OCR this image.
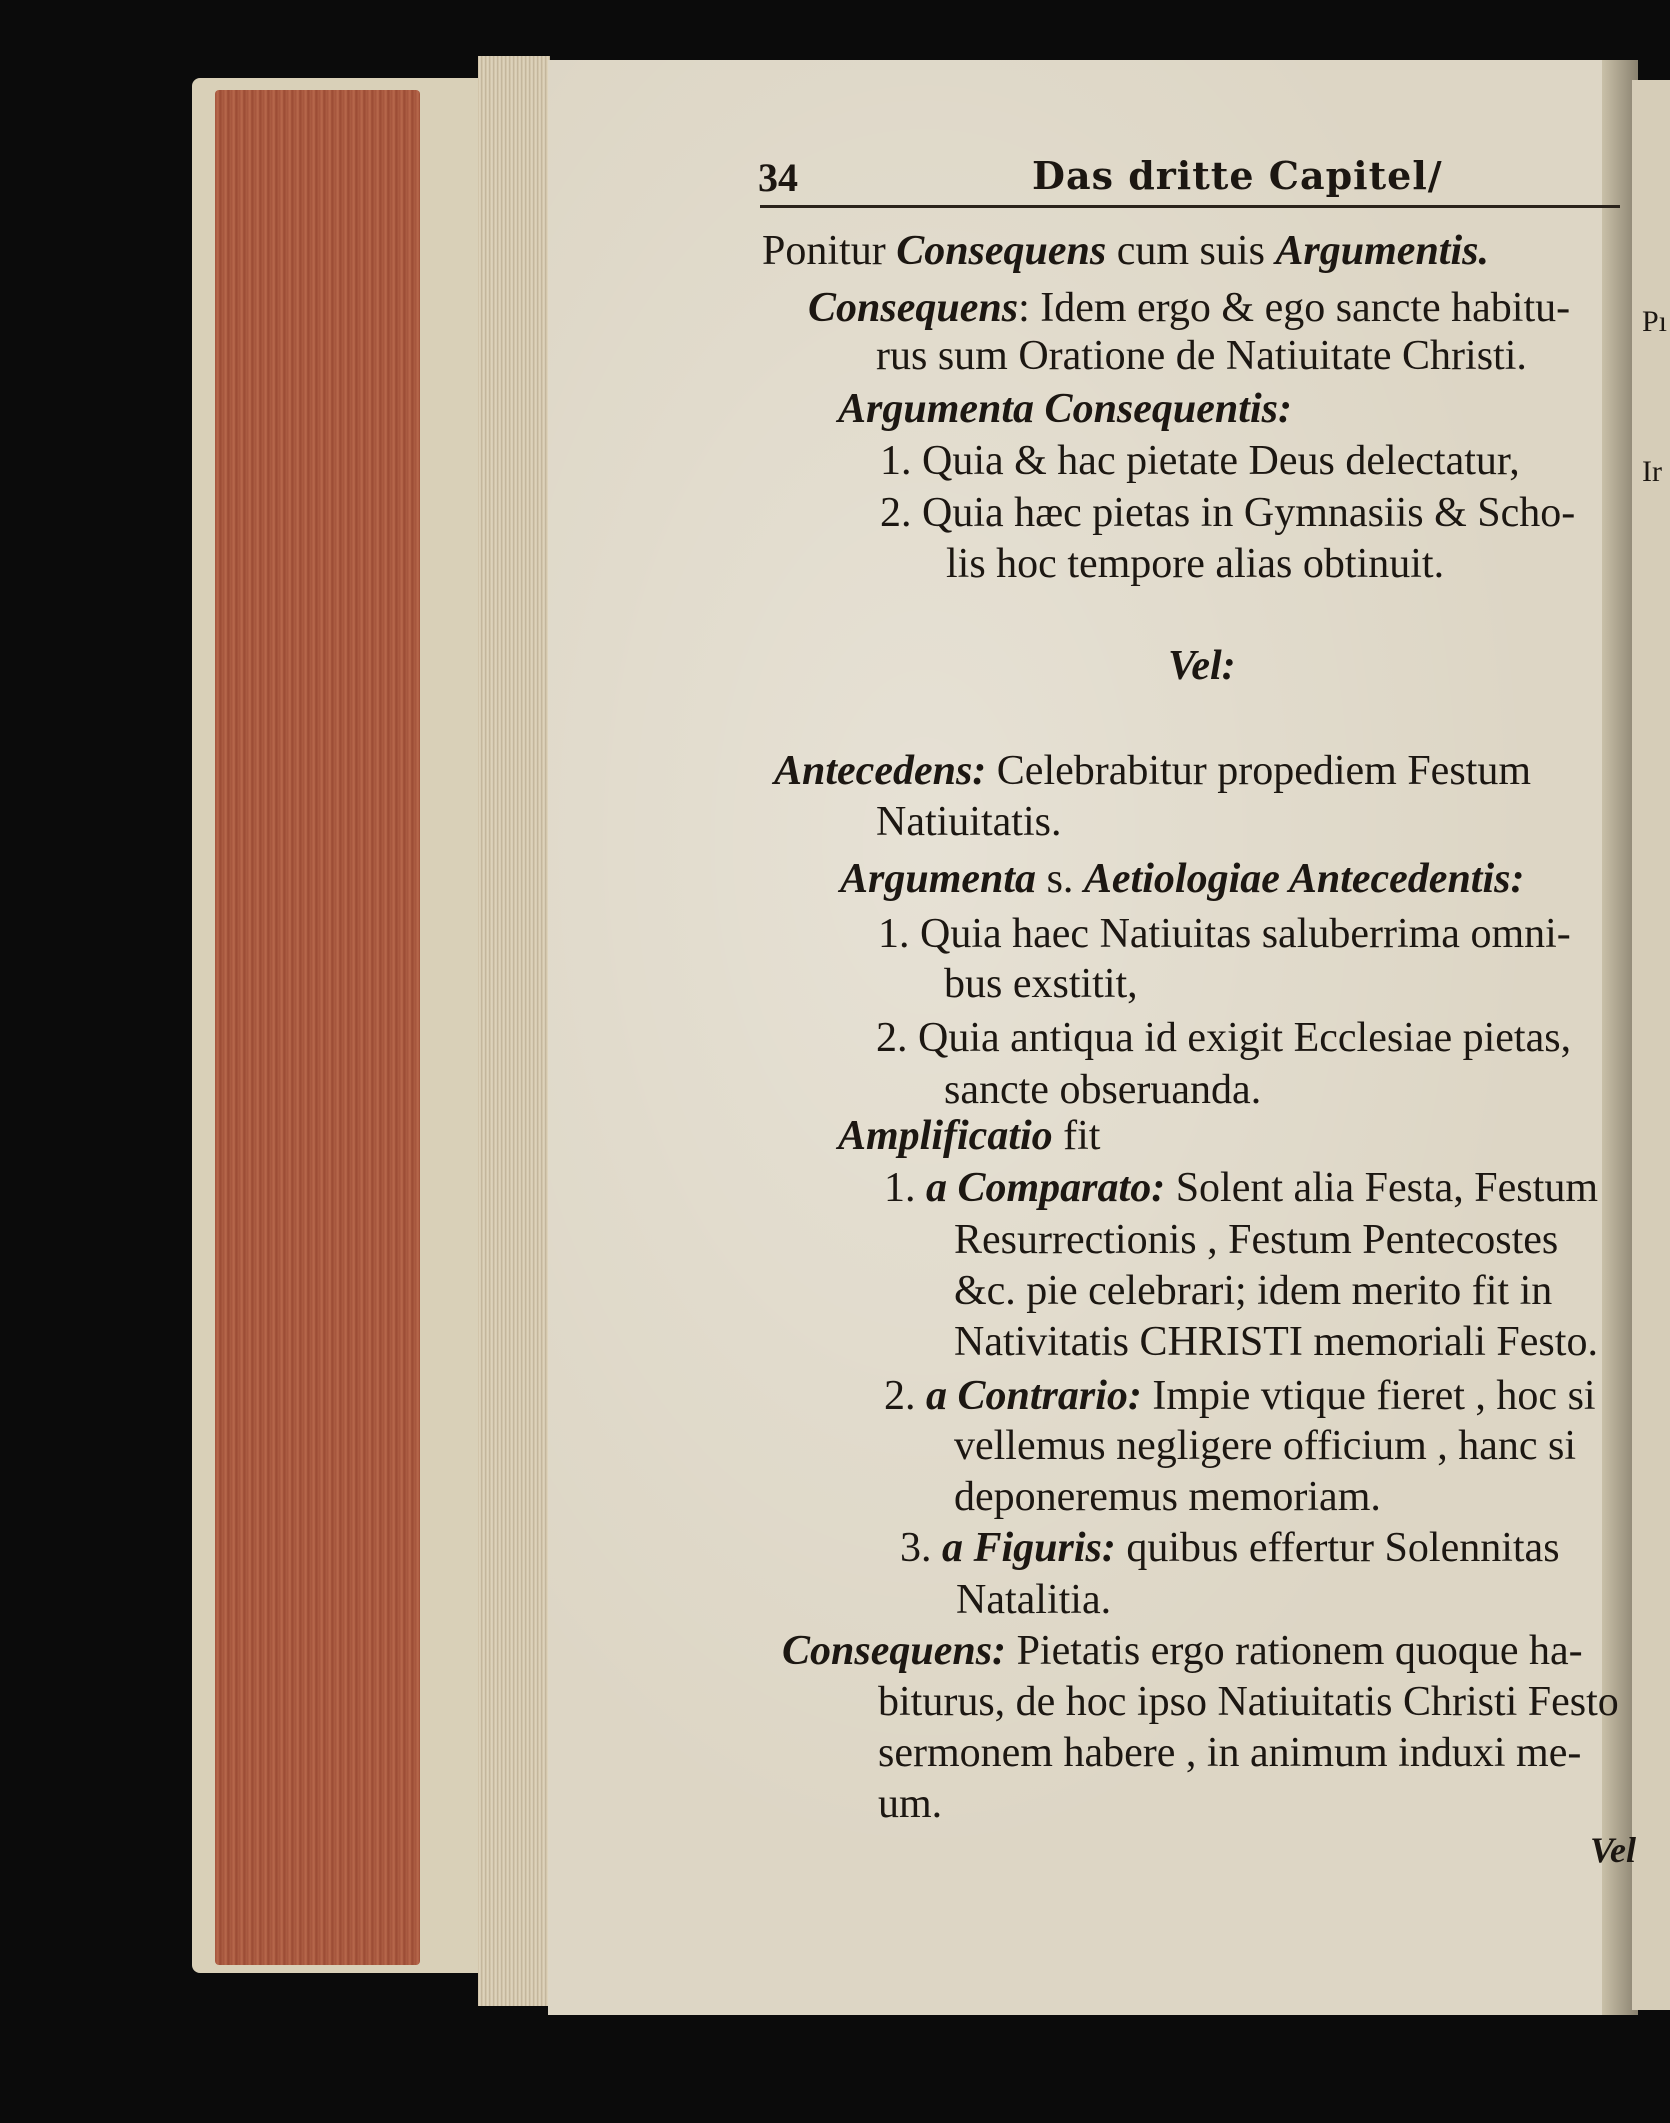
Pı
Ir
34	Das dritte Capitel/
Ponitur Consequens cum suis Argumentis.
Consequens: Idem ergo & ego sancte habitu-
rus sum Oratione de Natiuitate Christi.
Argumenta Consequentis:
1. Quia & hac pietate Deus delectatur,
2. Quia hæc pietas in Gymnasiis & Scho-
lis hoc tempore alias obtinuit.
Vel:
Antecedens: Celebrabitur propediem Festum
Natiuitatis.
Argumenta s. Aetiologiae Antecedentis:
1. Quia haec Natiuitas saluberrima omni-
bus exstitit,
2. Quia antiqua id exigit Ecclesiae pietas,
sancte obseruanda.
Amplificatio fit
1. a Comparato: Solent alia Festa, Festum
Resurrectionis , Festum Pentecostes
&c. pie celebrari; idem merito fit in
Nativitatis CHRISTI memoriali Festo.
2. a Contrario: Impie vtique fieret , hoc si
vellemus negligere officium , hanc si
deponeremus memoriam.
3. a Figuris: quibus effertur Solennitas
Natalitia.
Consequens: Pietatis ergo rationem quoque ha-
biturus, de hoc ipso Natiuitatis Christi Festo
sermonem habere , in animum induxi me-
um.
Vel
